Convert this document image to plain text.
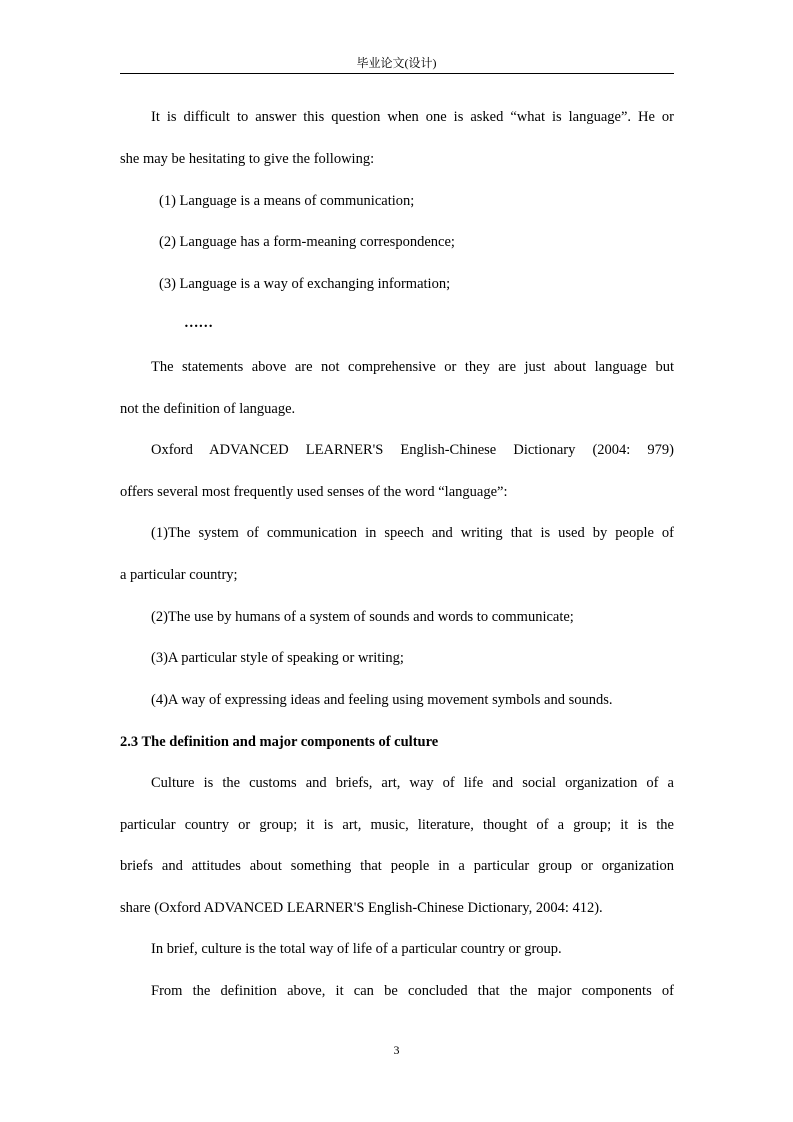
毕业论文(设计)
It is difficult to answer this question when one is asked “what is language”. He or
she may be hesitating to give the following:
(1) Language is a means of communication;
(2) Language has a form-meaning correspondence;
(3) Language is a way of exchanging information;
……
The statements above are not comprehensive or they are just about language but
not the definition of language.
Oxford ADVANCED LEARNER'S English-Chinese Dictionary (2004: 979)
offers several most frequently used senses of the word “language”:
(1)The system of communication in speech and writing that is used by people of
a particular country;
(2)The use by humans of a system of sounds and words to communicate;
(3)A particular style of speaking or writing;
(4)A way of expressing ideas and feeling using movement symbols and sounds.
2.3 The definition and major components of culture
Culture is the customs and briefs, art, way of life and social organization of a
particular country or group; it is art, music, literature, thought of a group; it is the
briefs and attitudes about something that people in a particular group or organization
share (Oxford ADVANCED LEARNER'S English-Chinese Dictionary, 2004: 412).
In brief, culture is the total way of life of a particular country or group.
From the definition above, it can be concluded that the major components of
3
